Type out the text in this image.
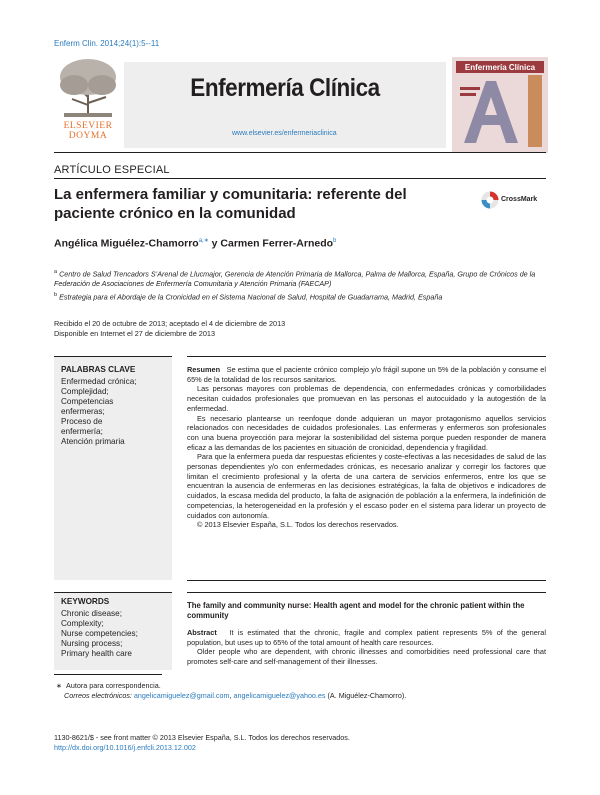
Enferm Clin. 2014;24(1):5--11
ELSEVIER
DOYMA
Enfermería Clínica
www.elsevier.es/enfermeriaclinica
Enfermería Clínica
ARTÍCULO ESPECIAL
La enfermera familiar y comunitaria: referente del paciente crónico en la comunidad
CrossMark
Angélica Miguélez-Chamorro$^{a,∗}$ y Carmen Ferrer-Arnedo$^b$
$^a$ Centro de Salud Trencadors S’Arenal de Llucmajor, Gerencia de Atención Primaria de Mallorca, Palma de Mallorca, España, Grupo de Crónicos de la Federación de Asociaciones de Enfermería Comunitaria y Atención Primaria (FAECAP)
$^b$ Estrategia para el Abordaje de la Cronicidad en el Sistema Nacional de Salud, Hospital de Guadarrama, Madrid, España
Recibido el 20 de octubre de 2013; aceptado el 4 de diciembre de 2013
Disponible en Internet el 27 de diciembre de 2013
PALABRAS CLAVE
Enfermedad crónica;
Complejidad;
Competencias
enfermeras;
Proceso de
enfermería;
Atención primaria

Resumen Se estima que el paciente crónico complejo y/o frágil supone un 5% de la población y consume el 65% de la totalidad de los recursos sanitarios.

Las personas mayores con problemas de dependencia, con enfermedades crónicas y comorbilidades necesitan cuidados profesionales que promuevan en las personas el autocuidado y la autogestión de la enfermedad.

Es necesario plantearse un reenfoque donde adquieran un mayor protagonismo aquellos servicios relacionados con necesidades de cuidados profesionales. Las enfermeras y enfermeros son profesionales con una buena proyección para mejorar la sostenibilidad del sistema porque pueden responder de manera eficaz a las demandas de los pacientes en situación de cronicidad, dependencia y fragilidad.

Para que la enfermera pueda dar respuestas eficientes y coste-efectivas a las necesidades de salud de las personas dependientes y/o con enfermedades crónicas, es necesario analizar y corregir los factores que limitan el crecimiento profesional y la oferta de una cartera de servicios enfermeros, entre los que se encuentran la ausencia de enfermeras en las decisiones estratégicas, la falta de objetivos e indicadores de cuidados, la escasa medida del producto, la falta de asignación de población a la enfermera, la indefinición de competencias, la heterogeneidad en la profesión y el escaso poder en el sistema para liderar un proyecto de cuidados con autonomía.

© 2013 Elsevier España, S.L. Todos los derechos reservados.

KEYWORDS
Chronic disease;
Complexity;
Nurse competencies;
Nursing process;
Primary health care
The family and community nurse: Health agent and model for the chronic patient within the community

Abstract It is estimated that the chronic, fragile and complex patient represents 5% of the general population, but uses up to 65% of the total amount of health care resources.

Older people who are dependent, with chronic illnesses and comorbidities need professional care that promotes self-care and self-management of their illnesses.

∗ Autora para correspondencia.
Correos electrónicos: angelicamiguelez@gmail.com, angelicamiguelez@yahoo.es (A. Miguélez-Chamorro).
1130-8621/$ - see front matter © 2013 Elsevier España, S.L. Todos los derechos reservados.
http://dx.doi.org/10.1016/j.enfcli.2013.12.002
